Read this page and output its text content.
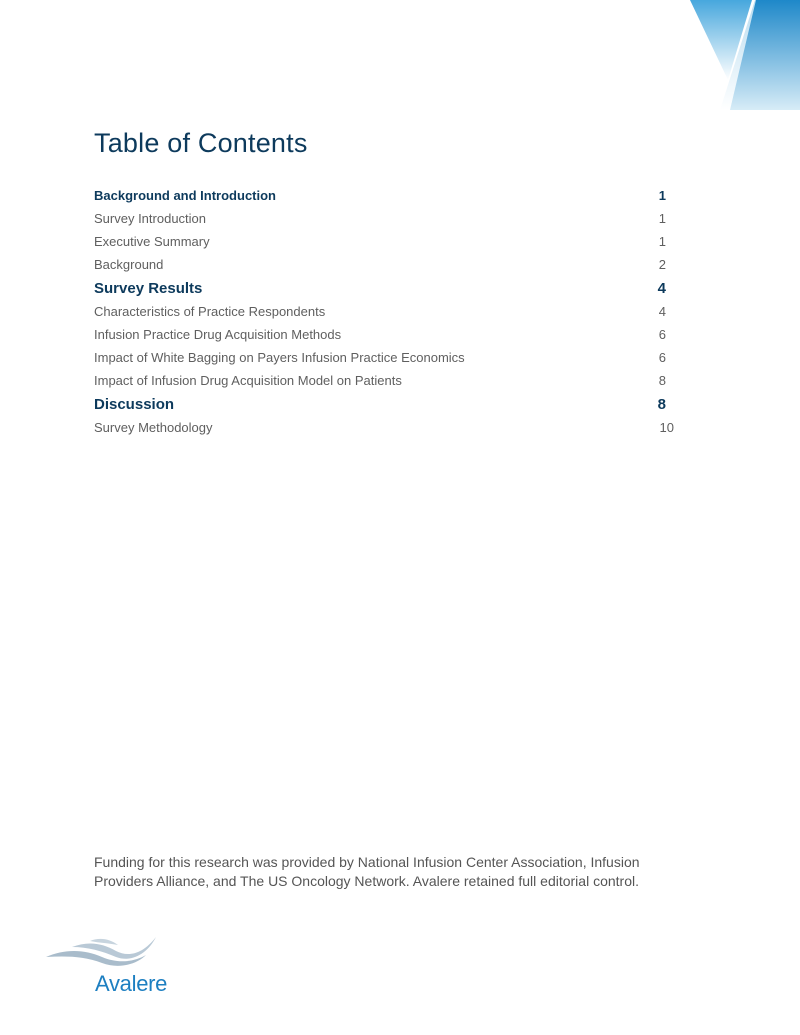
Table of Contents
Background and Introduction	1
Survey Introduction	1
Executive Summary	1
Background	2
Survey Results	4
Characteristics of Practice Respondents	4
Infusion Practice Drug Acquisition Methods	6
Impact of White Bagging on Payers Infusion Practice Economics	6
Impact of Infusion Drug Acquisition Model on Patients	8
Discussion	8
Survey Methodology	10

Funding for this research was provided by National Infusion Center Association, Infusion Providers Alliance, and The US Oncology Network. Avalere retained full editorial control.

Avalere
